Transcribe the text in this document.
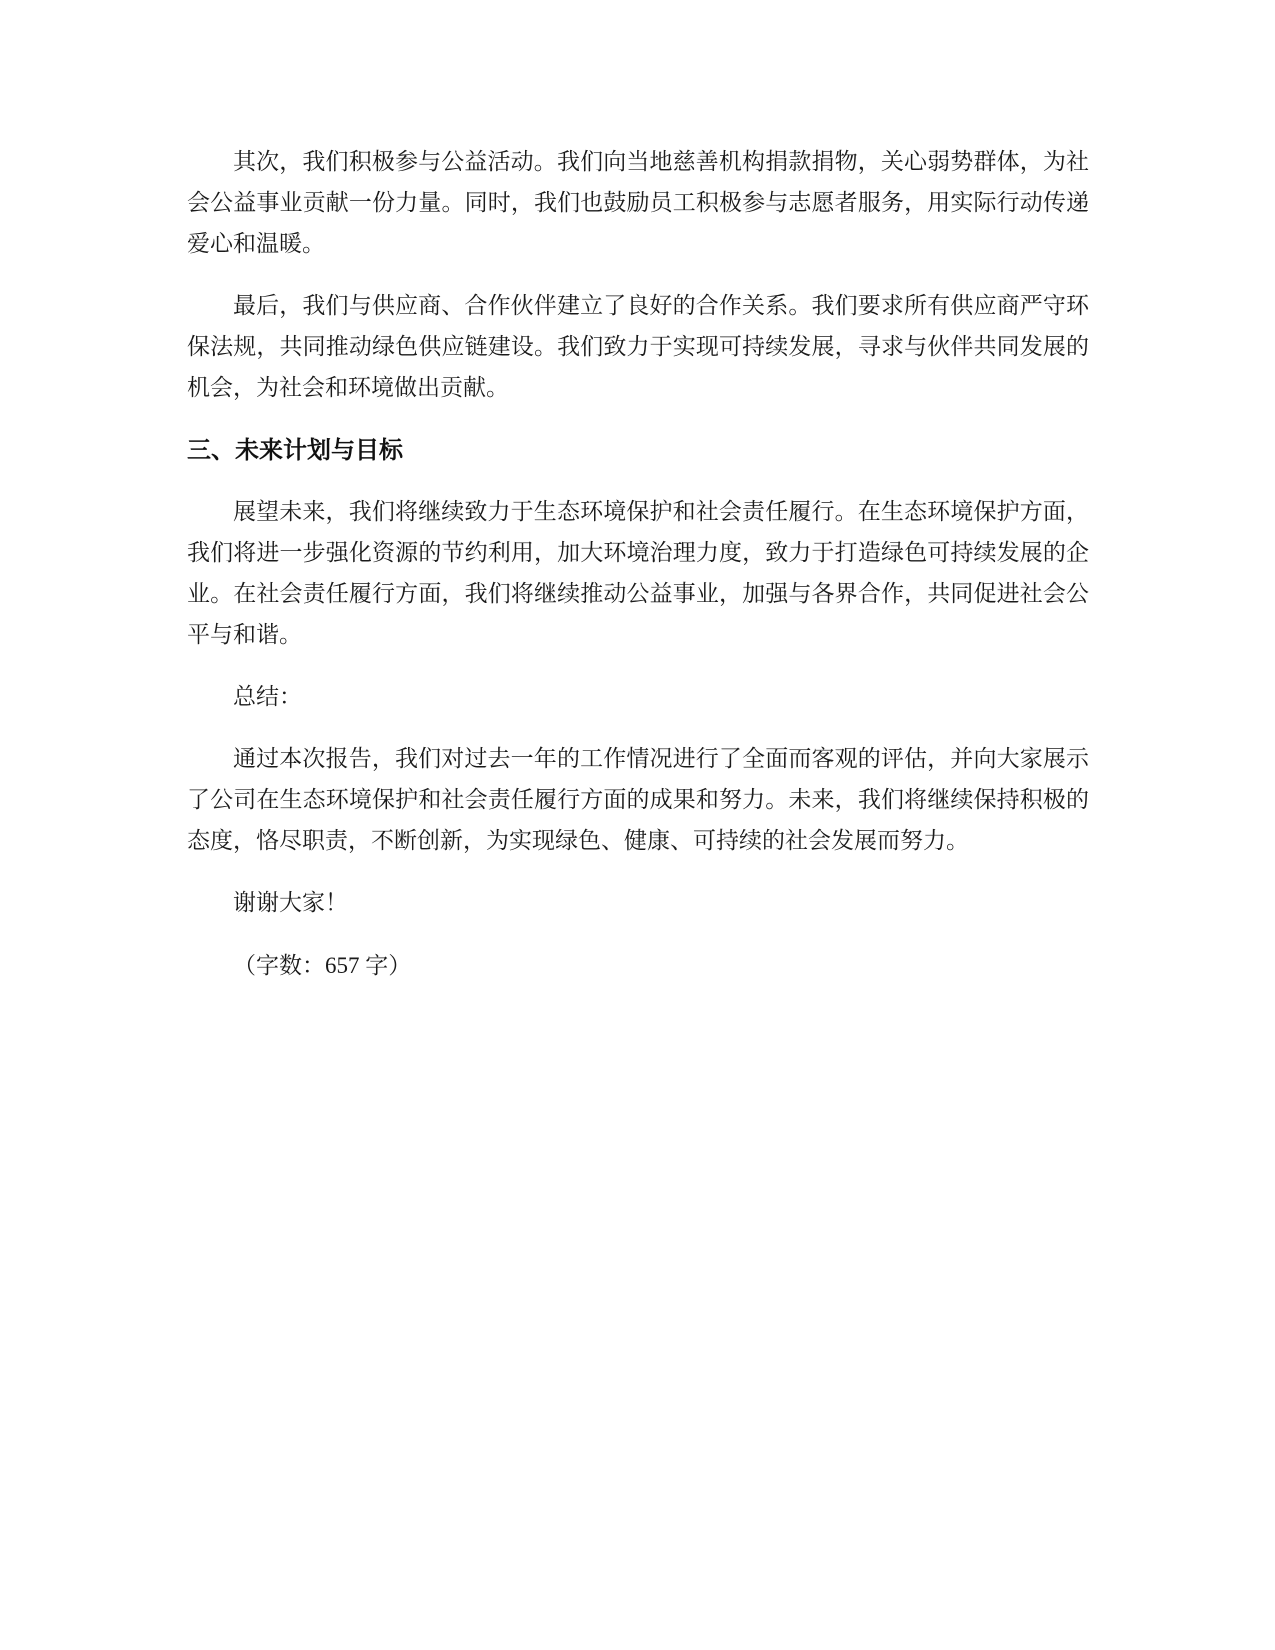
其次，我们积极参与公益活动。我们向当地慈善机构捐款捐物，关心弱势群体，为社会公益事业贡献一份力量。同时，我们也鼓励员工积极参与志愿者服务，用实际行动传递爱心和温暖。

最后，我们与供应商、合作伙伴建立了良好的合作关系。我们要求所有供应商严守环保法规，共同推动绿色供应链建设。我们致力于实现可持续发展，寻求与伙伴共同发展的机会，为社会和环境做出贡献。

三、未来计划与目标

展望未来，我们将继续致力于生态环境保护和社会责任履行。在生态环境保护方面，我们将进一步强化资源的节约利用，加大环境治理力度，致力于打造绿色可持续发展的企业。在社会责任履行方面，我们将继续推动公益事业，加强与各界合作，共同促进社会公平与和谐。

总结：

通过本次报告，我们对过去一年的工作情况进行了全面而客观的评估，并向大家展示了公司在生态环境保护和社会责任履行方面的成果和努力。未来，我们将继续保持积极的态度，恪尽职责，不断创新，为实现绿色、健康、可持续的社会发展而努力。

谢谢大家！

（字数：657 字）
